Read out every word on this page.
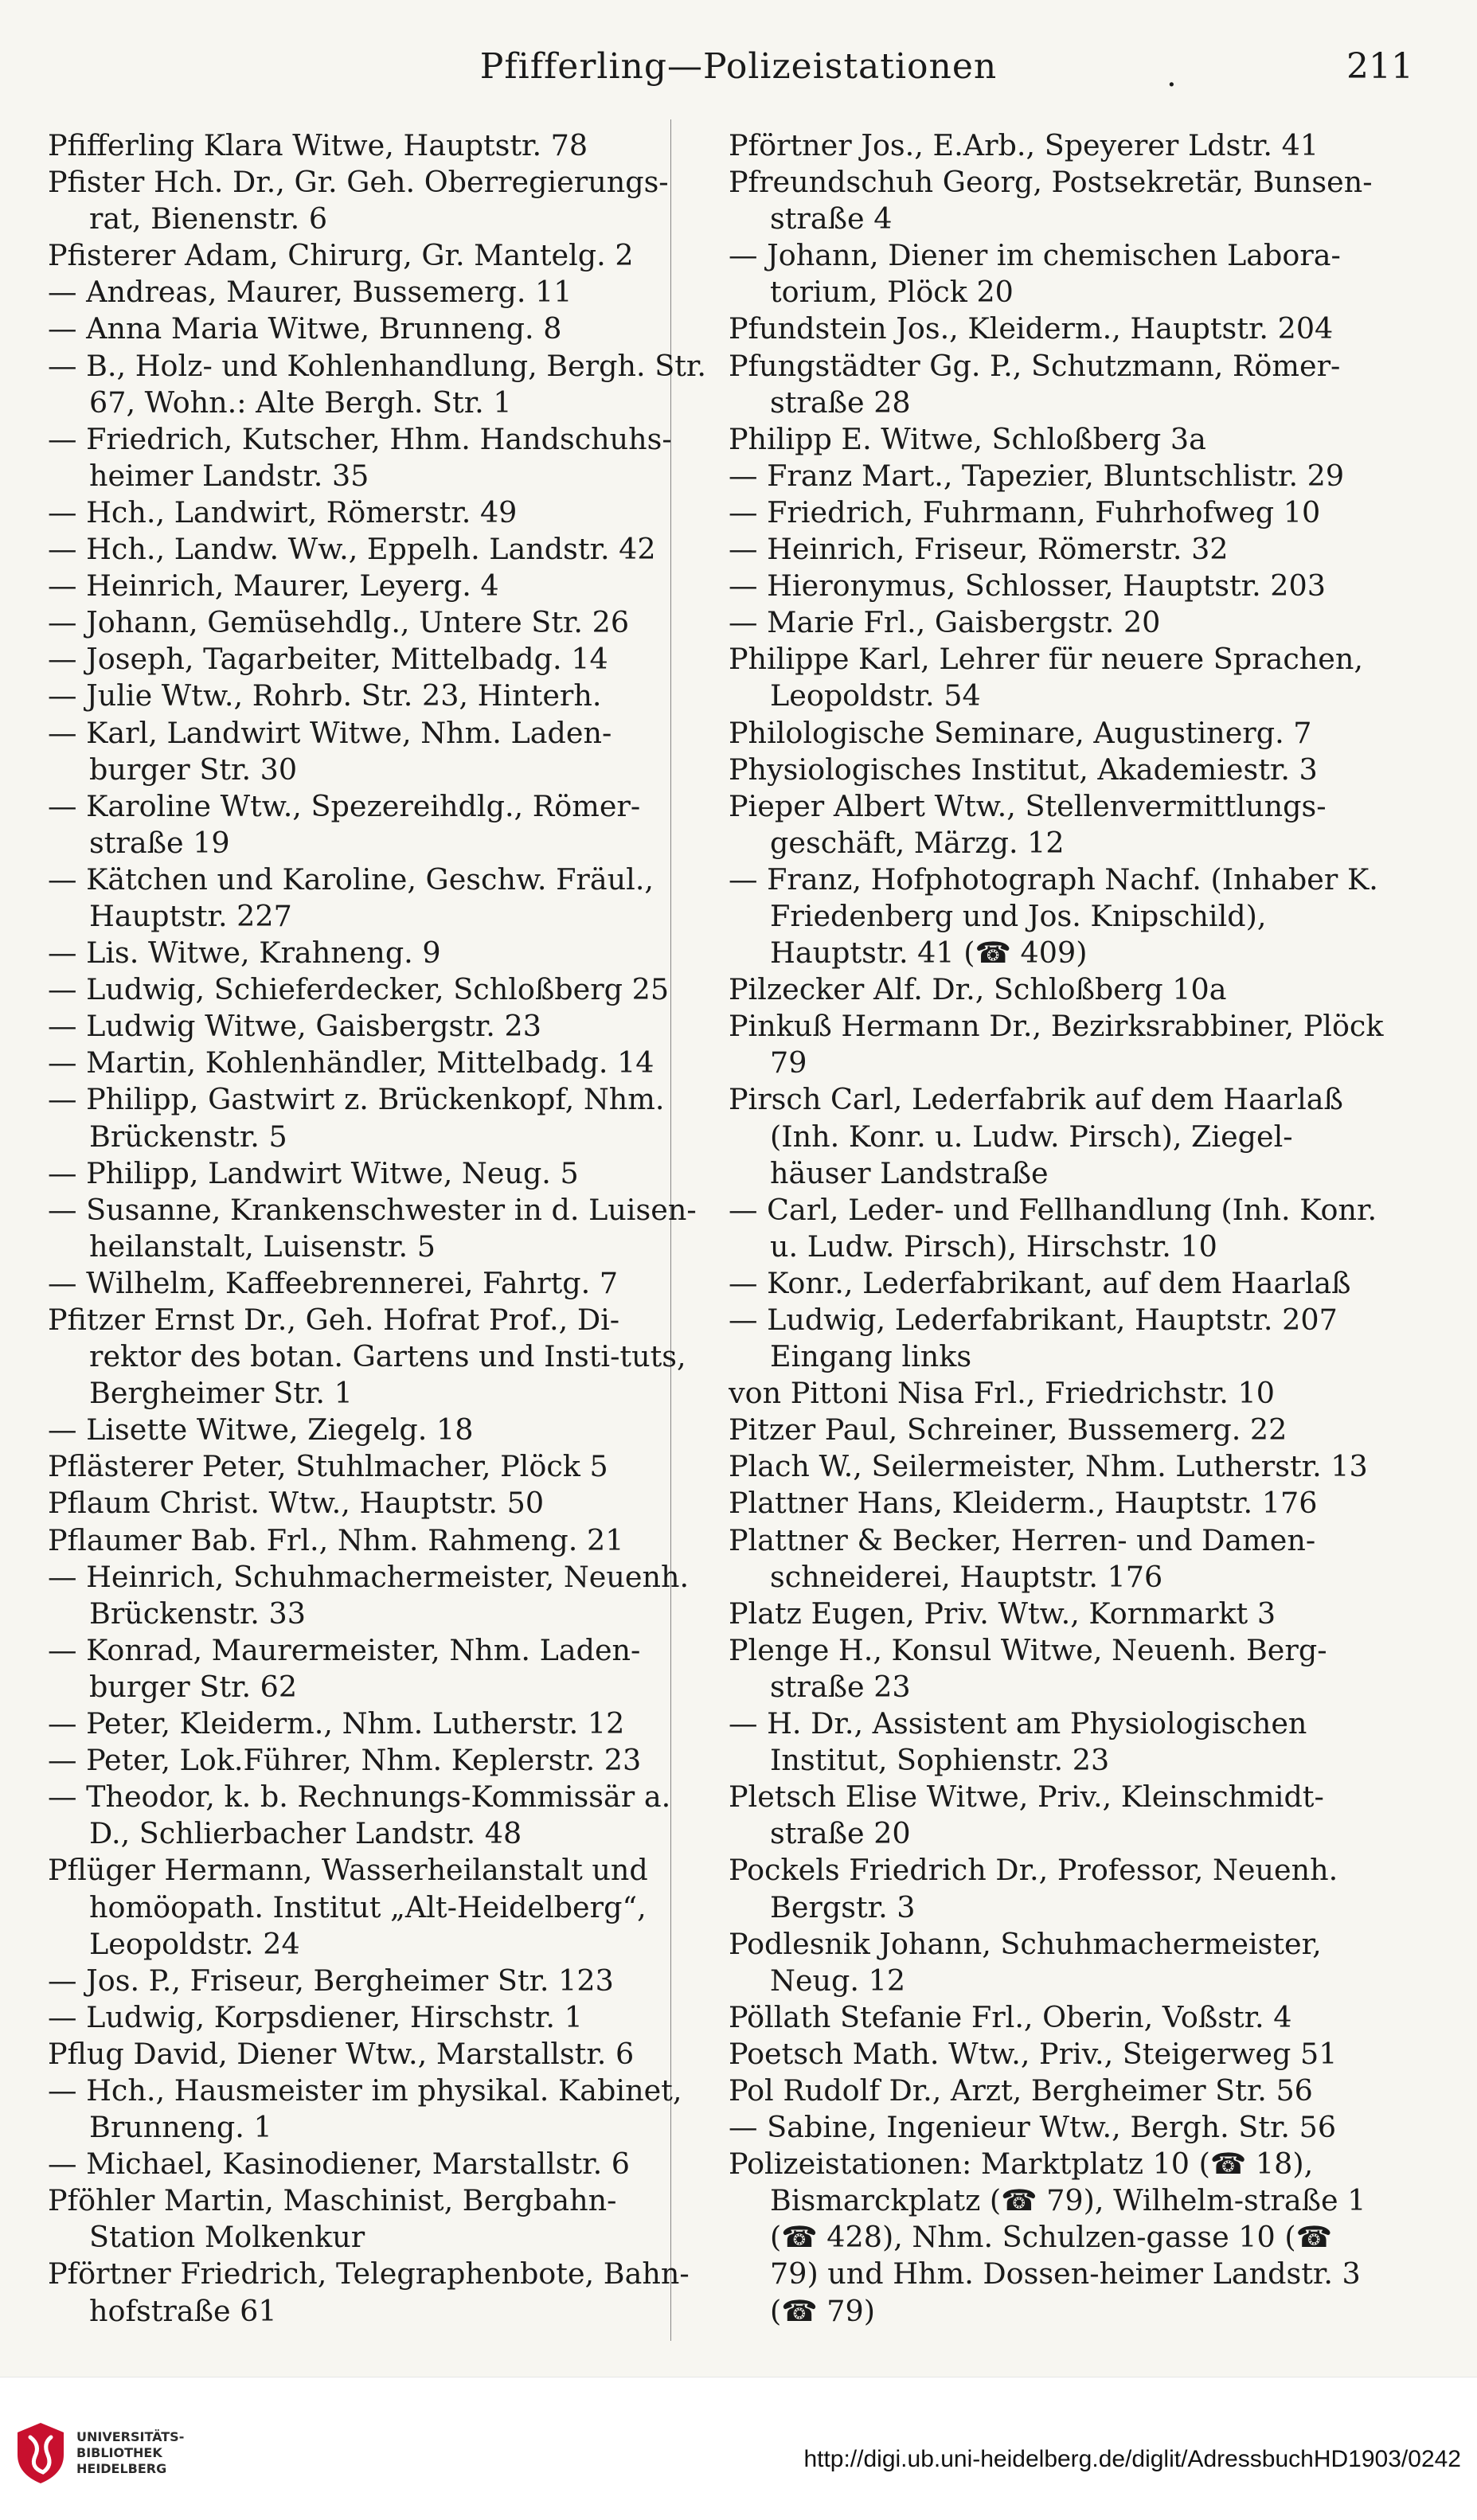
Pfifferling—Polizeistationen	.	211
Pfifferling Klara Witwe, Hauptstr. 78
Pfister Hch. Dr., Gr. Geh. Oberregierungs-rat, Bienenstr. 6
Pfisterer Adam, Chirurg, Gr. Mantelg. 2
— Andreas, Maurer, Bussemerg. 11
— Anna Maria Witwe, Brunneng. 8
— B., Holz- und Kohlenhandlung, Bergh. Str. 67, Wohn.: Alte Bergh. Str. 1
— Friedrich, Kutscher, Hhm. Handschuhs-heimer Landstr. 35
— Hch., Landwirt, Römerstr. 49
— Hch., Landw. Ww., Eppelh. Landstr. 42
— Heinrich, Maurer, Leyerg. 4
— Johann, Gemüsehdlg., Untere Str. 26
— Joseph, Tagarbeiter, Mittelbadg. 14
— Julie Wtw., Rohrb. Str. 23, Hinterh.
— Karl, Landwirt Witwe, Nhm. Laden-burger Str. 30
— Karoline Wtw., Spezereihdlg., Römer-straße 19
— Kätchen und Karoline, Geschw. Fräul., Hauptstr. 227
— Lis. Witwe, Krahneng. 9
— Ludwig, Schieferdecker, Schloßberg 25
— Ludwig Witwe, Gaisbergstr. 23
— Martin, Kohlenhändler, Mittelbadg. 14
— Philipp, Gastwirt z. Brückenkopf, Nhm. Brückenstr. 5
— Philipp, Landwirt Witwe, Neug. 5
— Susanne, Krankenschwester in d. Luisen-heilanstalt, Luisenstr. 5
— Wilhelm, Kaffeebrennerei, Fahrtg. 7
Pfitzer Ernst Dr., Geh. Hofrat Prof., Di-rektor des botan. Gartens und Insti-tuts, Bergheimer Str. 1
— Lisette Witwe, Ziegelg. 18
Pflästerer Peter, Stuhlmacher, Plöck 5
Pflaum Christ. Wtw., Hauptstr. 50
Pflaumer Bab. Frl., Nhm. Rahmeng. 21
— Heinrich, Schuhmachermeister, Neuenh. Brückenstr. 33
— Konrad, Maurermeister, Nhm. Laden-burger Str. 62
— Peter, Kleiderm., Nhm. Lutherstr. 12
— Peter, Lok.Führer, Nhm. Keplerstr. 23
— Theodor, k. b. Rechnungs-Kommissär a. D., Schlierbacher Landstr. 48
Pflüger Hermann, Wasserheilanstalt und homöopath. Institut „Alt-Heidelberg“, Leopoldstr. 24
— Jos. P., Friseur, Bergheimer Str. 123
— Ludwig, Korpsdiener, Hirschstr. 1
Pflug David, Diener Wtw., Marstallstr. 6
— Hch., Hausmeister im physikal. Kabinet, Brunneng. 1
— Michael, Kasinodiener, Marstallstr. 6
Pföhler Martin, Maschinist, Bergbahn-Station Molkenkur
Pförtner Friedrich, Telegraphenbote, Bahn-hofstraße 61
Pförtner Jos., E.Arb., Speyerer Ldstr. 41
Pfreundschuh Georg, Postsekretär, Bunsen-straße 4
— Johann, Diener im chemischen Labora-torium, Plöck 20
Pfundstein Jos., Kleiderm., Hauptstr. 204
Pfungstädter Gg. P., Schutzmann, Römer-straße 28
Philipp E. Witwe, Schloßberg 3a
— Franz Mart., Tapezier, Bluntschlistr. 29
— Friedrich, Fuhrmann, Fuhrhofweg 10
— Heinrich, Friseur, Römerstr. 32
— Hieronymus, Schlosser, Hauptstr. 203
— Marie Frl., Gaisbergstr. 20
Philippe Karl, Lehrer für neuere Sprachen, Leopoldstr. 54
Philologische Seminare, Augustinerg. 7
Physiologisches Institut, Akademiestr. 3
Pieper Albert Wtw., Stellenvermittlungs-geschäft, Märzg. 12
— Franz, Hofphotograph Nachf. (Inhaber K. Friedenberg und Jos. Knipschild), Hauptstr. 41 (☎ 409)
Pilzecker Alf. Dr., Schloßberg 10a
Pinkuß Hermann Dr., Bezirksrabbiner, Plöck 79
Pirsch Carl, Lederfabrik auf dem Haarlaß (Inh. Konr. u. Ludw. Pirsch), Ziegel-häuser Landstraße
— Carl, Leder- und Fellhandlung (Inh. Konr. u. Ludw. Pirsch), Hirschstr. 10
— Konr., Lederfabrikant, auf dem Haarlaß
— Ludwig, Lederfabrikant, Hauptstr. 207 Eingang links
von Pittoni Nisa Frl., Friedrichstr. 10
Pitzer Paul, Schreiner, Bussemerg. 22
Plach W., Seilermeister, Nhm. Lutherstr. 13
Plattner Hans, Kleiderm., Hauptstr. 176
Plattner & Becker, Herren- und Damen-schneiderei, Hauptstr. 176
Platz Eugen, Priv. Wtw., Kornmarkt 3
Plenge H., Konsul Witwe, Neuenh. Berg-straße 23
— H. Dr., Assistent am Physiologischen Institut, Sophienstr. 23
Pletsch Elise Witwe, Priv., Kleinschmidt-straße 20
Pockels Friedrich Dr., Professor, Neuenh. Bergstr. 3
Podlesnik Johann, Schuhmachermeister, Neug. 12
Pöllath Stefanie Frl., Oberin, Voßstr. 4
Poetsch Math. Wtw., Priv., Steigerweg 51
Pol Rudolf Dr., Arzt, Bergheimer Str. 56
— Sabine, Ingenieur Wtw., Bergh. Str. 56
Polizeistationen: Marktplatz 10 (☎ 18), Bismarckplatz (☎ 79), Wilhelm-straße 1 (☎ 428), Nhm. Schulzen-gasse 10 (☎ 79) und Hhm. Dossen-heimer Landstr. 3 (☎ 79)
UNIVERSITÄTS-
BIBLIOTHEK
HEIDELBERG	http://digi.ub.uni-heidelberg.de/diglit/AdressbuchHD1903/0242
